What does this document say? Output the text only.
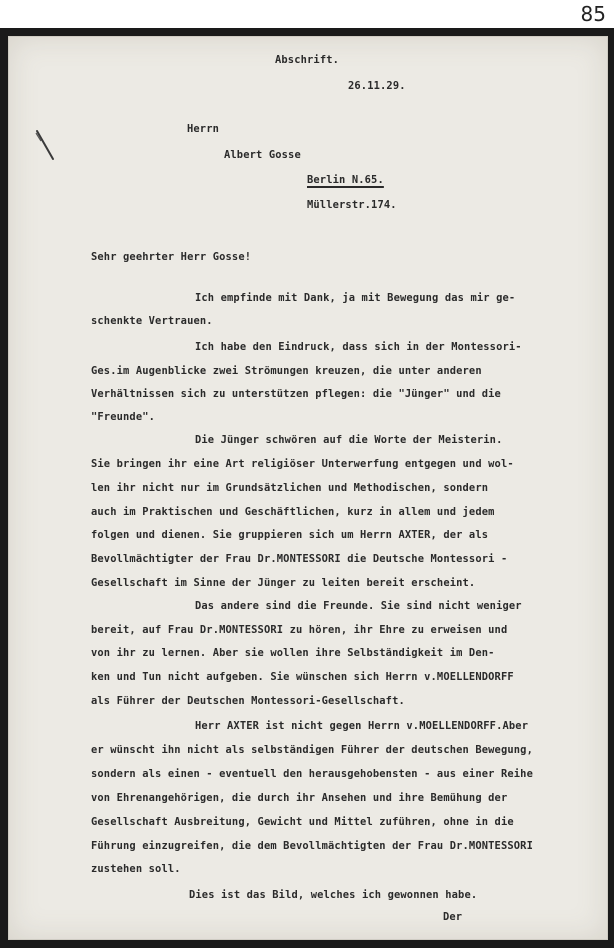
85
Abschrift.
26.11.29.
Herrn
Albert Gosse
Berlin N.65.
Müllerstr.174.
Sehr geehrter Herr Gosse!
Ich empfinde mit Dank, ja mit Bewegung das mir ge-
schenkte Vertrauen.
Ich habe den Eindruck, dass sich in der Montessori-
Ges.im Augenblicke zwei Strömungen kreuzen, die unter anderen
Verhältnissen sich zu unterstützen pflegen: die "Jünger" und die
"Freunde".
Die Jünger schwören auf die Worte der Meisterin.
Sie bringen ihr eine Art religiöser Unterwerfung entgegen und wol-
len ihr nicht nur im Grundsätzlichen und Methodischen, sondern
auch im Praktischen und Geschäftlichen, kurz in allem und jedem
folgen und dienen. Sie gruppieren sich um Herrn AXTER, der als
Bevollmächtigter der Frau Dr.MONTESSORI die Deutsche Montessori -
Gesellschaft im Sinne der Jünger zu leiten bereit erscheint.
Das andere sind die Freunde. Sie sind nicht weniger
bereit, auf Frau Dr.MONTESSORI zu hören, ihr Ehre zu erweisen und
von ihr zu lernen. Aber sie wollen ihre Selbständigkeit im Den-
ken und Tun nicht aufgeben. Sie wünschen sich Herrn v.MOELLENDORFF
als Führer der Deutschen Montessori-Gesellschaft.
Herr AXTER ist nicht gegen Herrn v.MOELLENDORFF.Aber
er wünscht ihn nicht als selbständigen Führer der deutschen Bewegung,
sondern als einen - eventuell den herausgehobensten - aus einer Reihe
von Ehrenangehörigen, die durch ihr Ansehen und ihre Bemühung der
Gesellschaft Ausbreitung, Gewicht und Mittel zuführen, ohne in die
Führung einzugreifen, die dem Bevollmächtigten der Frau Dr.MONTESSORI
zustehen soll.
Dies ist das Bild, welches ich gewonnen habe.
Der
